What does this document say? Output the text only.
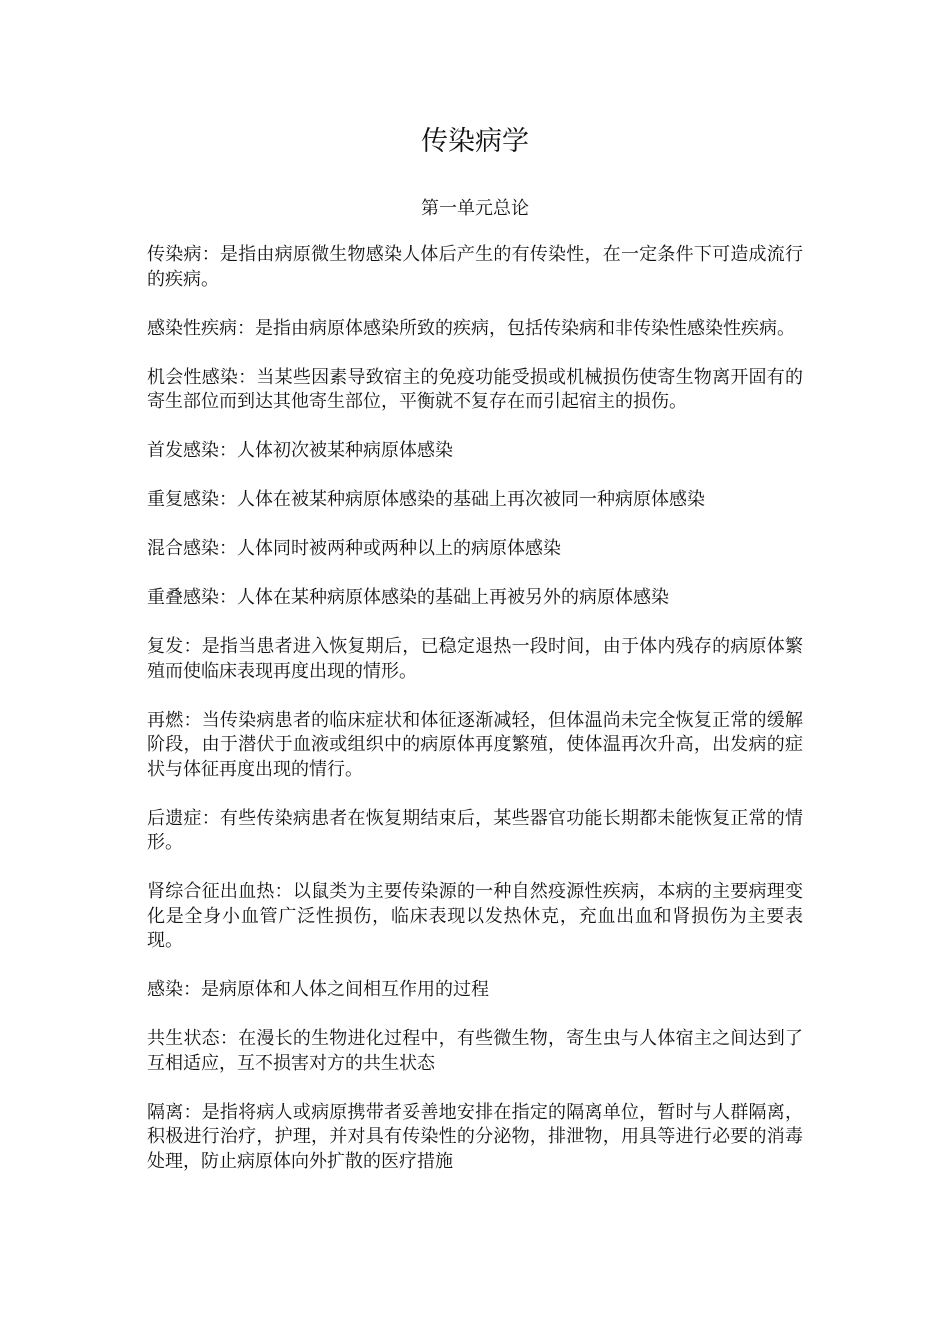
传染病学
第一单元总论

传染病：是指由病原微生物感染人体后产生的有传染性，在一定条件下可造成流行的疾病。

感染性疾病：是指由病原体感染所致的疾病，包括传染病和非传染性感染性疾病。

机会性感染：当某些因素导致宿主的免疫功能受损或机械损伤使寄生物离开固有的寄生部位而到达其他寄生部位，平衡就不复存在而引起宿主的损伤。

首发感染：人体初次被某种病原体感染

重复感染：人体在被某种病原体感染的基础上再次被同一种病原体感染

混合感染：人体同时被两种或两种以上的病原体感染

重叠感染：人体在某种病原体感染的基础上再被另外的病原体感染

复发：是指当患者进入恢复期后，已稳定退热一段时间，由于体内残存的病原体繁殖而使临床表现再度出现的情形。

再燃：当传染病患者的临床症状和体征逐渐减轻，但体温尚未完全恢复正常的缓解阶段，由于潜伏于血液或组织中的病原体再度繁殖，使体温再次升高，出发病的症状与体征再度出现的情行。

后遗症：有些传染病患者在恢复期结束后，某些器官功能长期都未能恢复正常的情形。

肾综合征出血热：以鼠类为主要传染源的一种自然疫源性疾病，本病的主要病理变化是全身小血管广泛性损伤，临床表现以发热休克，充血出血和肾损伤为主要表现。

感染：是病原体和人体之间相互作用的过程

共生状态：在漫长的生物进化过程中，有些微生物，寄生虫与人体宿主之间达到了互相适应，互不损害对方的共生状态

隔离：是指将病人或病原携带者妥善地安排在指定的隔离单位，暂时与人群隔离，积极进行治疗，护理，并对具有传染性的分泌物，排泄物，用具等进行必要的消毒处理，防止病原体向外扩散的医疗措施
